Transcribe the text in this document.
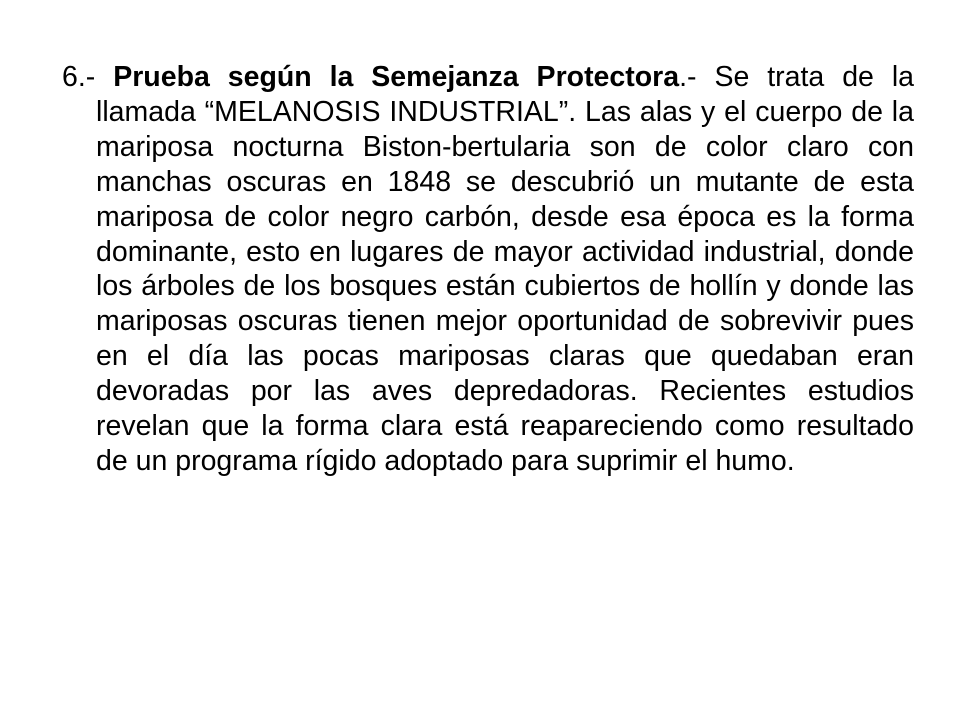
6.- Prueba según la Semejanza Protectora.- Se trata de la llamada “MELANOSIS INDUSTRIAL”. Las alas y el cuerpo de la mariposa nocturna Biston-bertularia son de color claro con manchas oscuras en 1848 se descubrió un mutante de esta mariposa de color negro carbón, desde esa época es la forma dominante, esto en lugares de mayor actividad industrial, donde los árboles de los bosques están cubiertos de hollín y donde las mariposas oscuras tienen mejor oportunidad de sobrevivir pues en el día las pocas mariposas claras que quedaban eran devoradas por las aves depredadoras. Recientes estudios revelan que la forma clara está reapareciendo como resultado de un programa rígido adoptado para suprimir el humo.
